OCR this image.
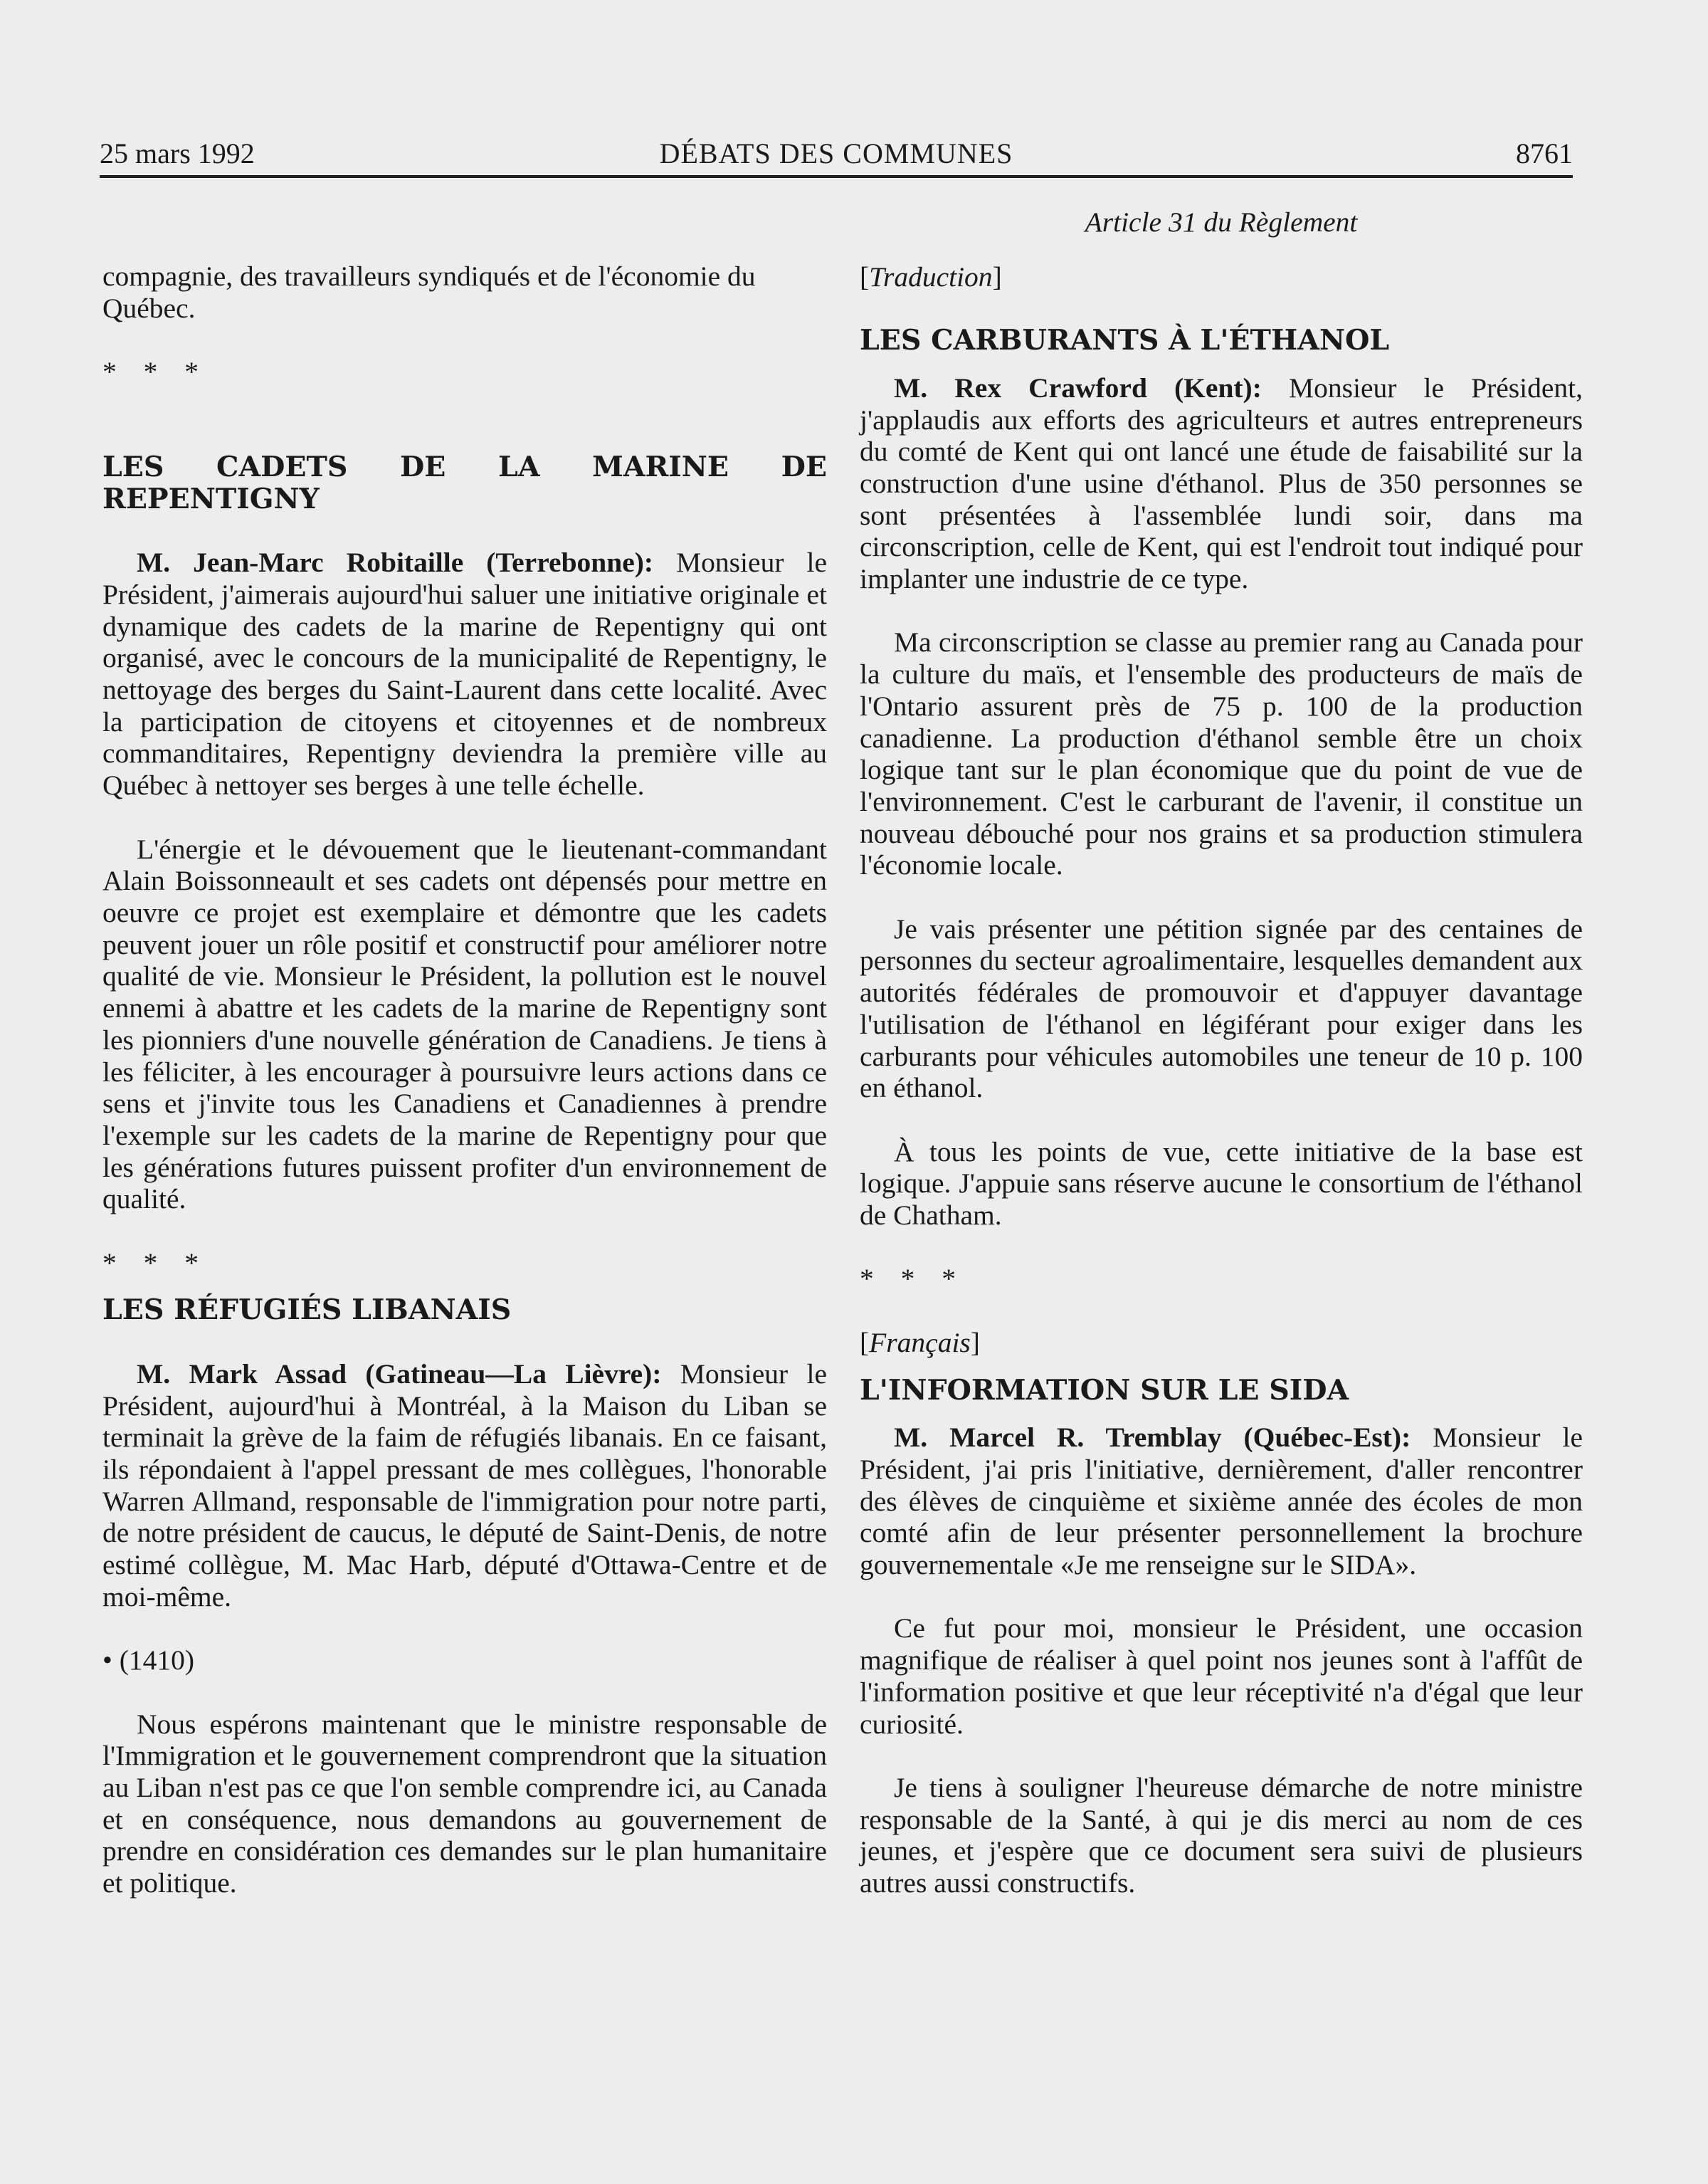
25 mars 1992	DÉBATS DES COMMUNES	8761

compagnie, des travailleurs syndiqués et de l'économie du Québec.

* * *

LES CADETS DE LA MARINE DE REPENTIGNY

M. Jean-Marc Robitaille (Terrebonne): Monsieur le Président, j'aimerais aujourd'hui saluer une initiative originale et dynamique des cadets de la marine de Repentigny qui ont organisé, avec le concours de la municipalité de Repentigny, le nettoyage des berges du Saint-Laurent dans cette localité. Avec la participation de citoyens et citoyennes et de nombreux commanditaires, Repentigny deviendra la première ville au Québec à nettoyer ses berges à une telle échelle.

L'énergie et le dévouement que le lieutenant-commandant Alain Boissonneault et ses cadets ont dépensés pour mettre en oeuvre ce projet est exemplaire et démontre que les cadets peuvent jouer un rôle positif et constructif pour améliorer notre qualité de vie. Monsieur le Président, la pollution est le nouvel ennemi à abattre et les cadets de la marine de Repentigny sont les pionniers d'une nouvelle génération de Canadiens. Je tiens à les féliciter, à les encourager à poursuivre leurs actions dans ce sens et j'invite tous les Canadiens et Canadiennes à prendre l'exemple sur les cadets de la marine de Repentigny pour que les générations futures puissent profiter d'un environnement de qualité.

* * *

LES RÉFUGIÉS LIBANAIS

M. Mark Assad (Gatineau—La Lièvre): Monsieur le Président, aujourd'hui à Montréal, à la Maison du Liban se terminait la grève de la faim de réfugiés libanais. En ce faisant, ils répondaient à l'appel pressant de mes collègues, l'honorable Warren Allmand, responsable de l'immigration pour notre parti, de notre président de caucus, le député de Saint-Denis, de notre estimé collègue, M. Mac Harb, député d'Ottawa-Centre et de moi-même.

• (1410)

Nous espérons maintenant que le ministre responsable de l'Immigration et le gouvernement comprendront que la situation au Liban n'est pas ce que l'on semble comprendre ici, au Canada et en conséquence, nous demandons au gouvernement de prendre en considération ces demandes sur le plan humanitaire et politique.

Article 31 du Règlement

[Traduction]

LES CARBURANTS À L'ÉTHANOL

M. Rex Crawford (Kent): Monsieur le Président, j'applaudis aux efforts des agriculteurs et autres entrepreneurs du comté de Kent qui ont lancé une étude de faisabilité sur la construction d'une usine d'éthanol. Plus de 350 personnes se sont présentées à l'assemblée lundi soir, dans ma circonscription, celle de Kent, qui est l'endroit tout indiqué pour implanter une industrie de ce type.

Ma circonscription se classe au premier rang au Canada pour la culture du maïs, et l'ensemble des producteurs de maïs de l'Ontario assurent près de 75 p. 100 de la production canadienne. La production d'éthanol semble être un choix logique tant sur le plan économique que du point de vue de l'environnement. C'est le carburant de l'avenir, il constitue un nouveau débouché pour nos grains et sa production stimulera l'économie locale.

Je vais présenter une pétition signée par des centaines de personnes du secteur agroalimentaire, lesquelles demandent aux autorités fédérales de promouvoir et d'appuyer davantage l'utilisation de l'éthanol en légiférant pour exiger dans les carburants pour véhicules automobiles une teneur de 10 p. 100 en éthanol.

À tous les points de vue, cette initiative de la base est logique. J'appuie sans réserve aucune le consortium de l'éthanol de Chatham.

* * *

[Français]

L'INFORMATION SUR LE SIDA

M. Marcel R. Tremblay (Québec-Est): Monsieur le Président, j'ai pris l'initiative, dernièrement, d'aller rencontrer des élèves de cinquième et sixième année des écoles de mon comté afin de leur présenter personnellement la brochure gouvernementale «Je me renseigne sur le SIDA».

Ce fut pour moi, monsieur le Président, une occasion magnifique de réaliser à quel point nos jeunes sont à l'affût de l'information positive et que leur réceptivité n'a d'égal que leur curiosité.

Je tiens à souligner l'heureuse démarche de notre ministre responsable de la Santé, à qui je dis merci au nom de ces jeunes, et j'espère que ce document sera suivi de plusieurs autres aussi constructifs.
